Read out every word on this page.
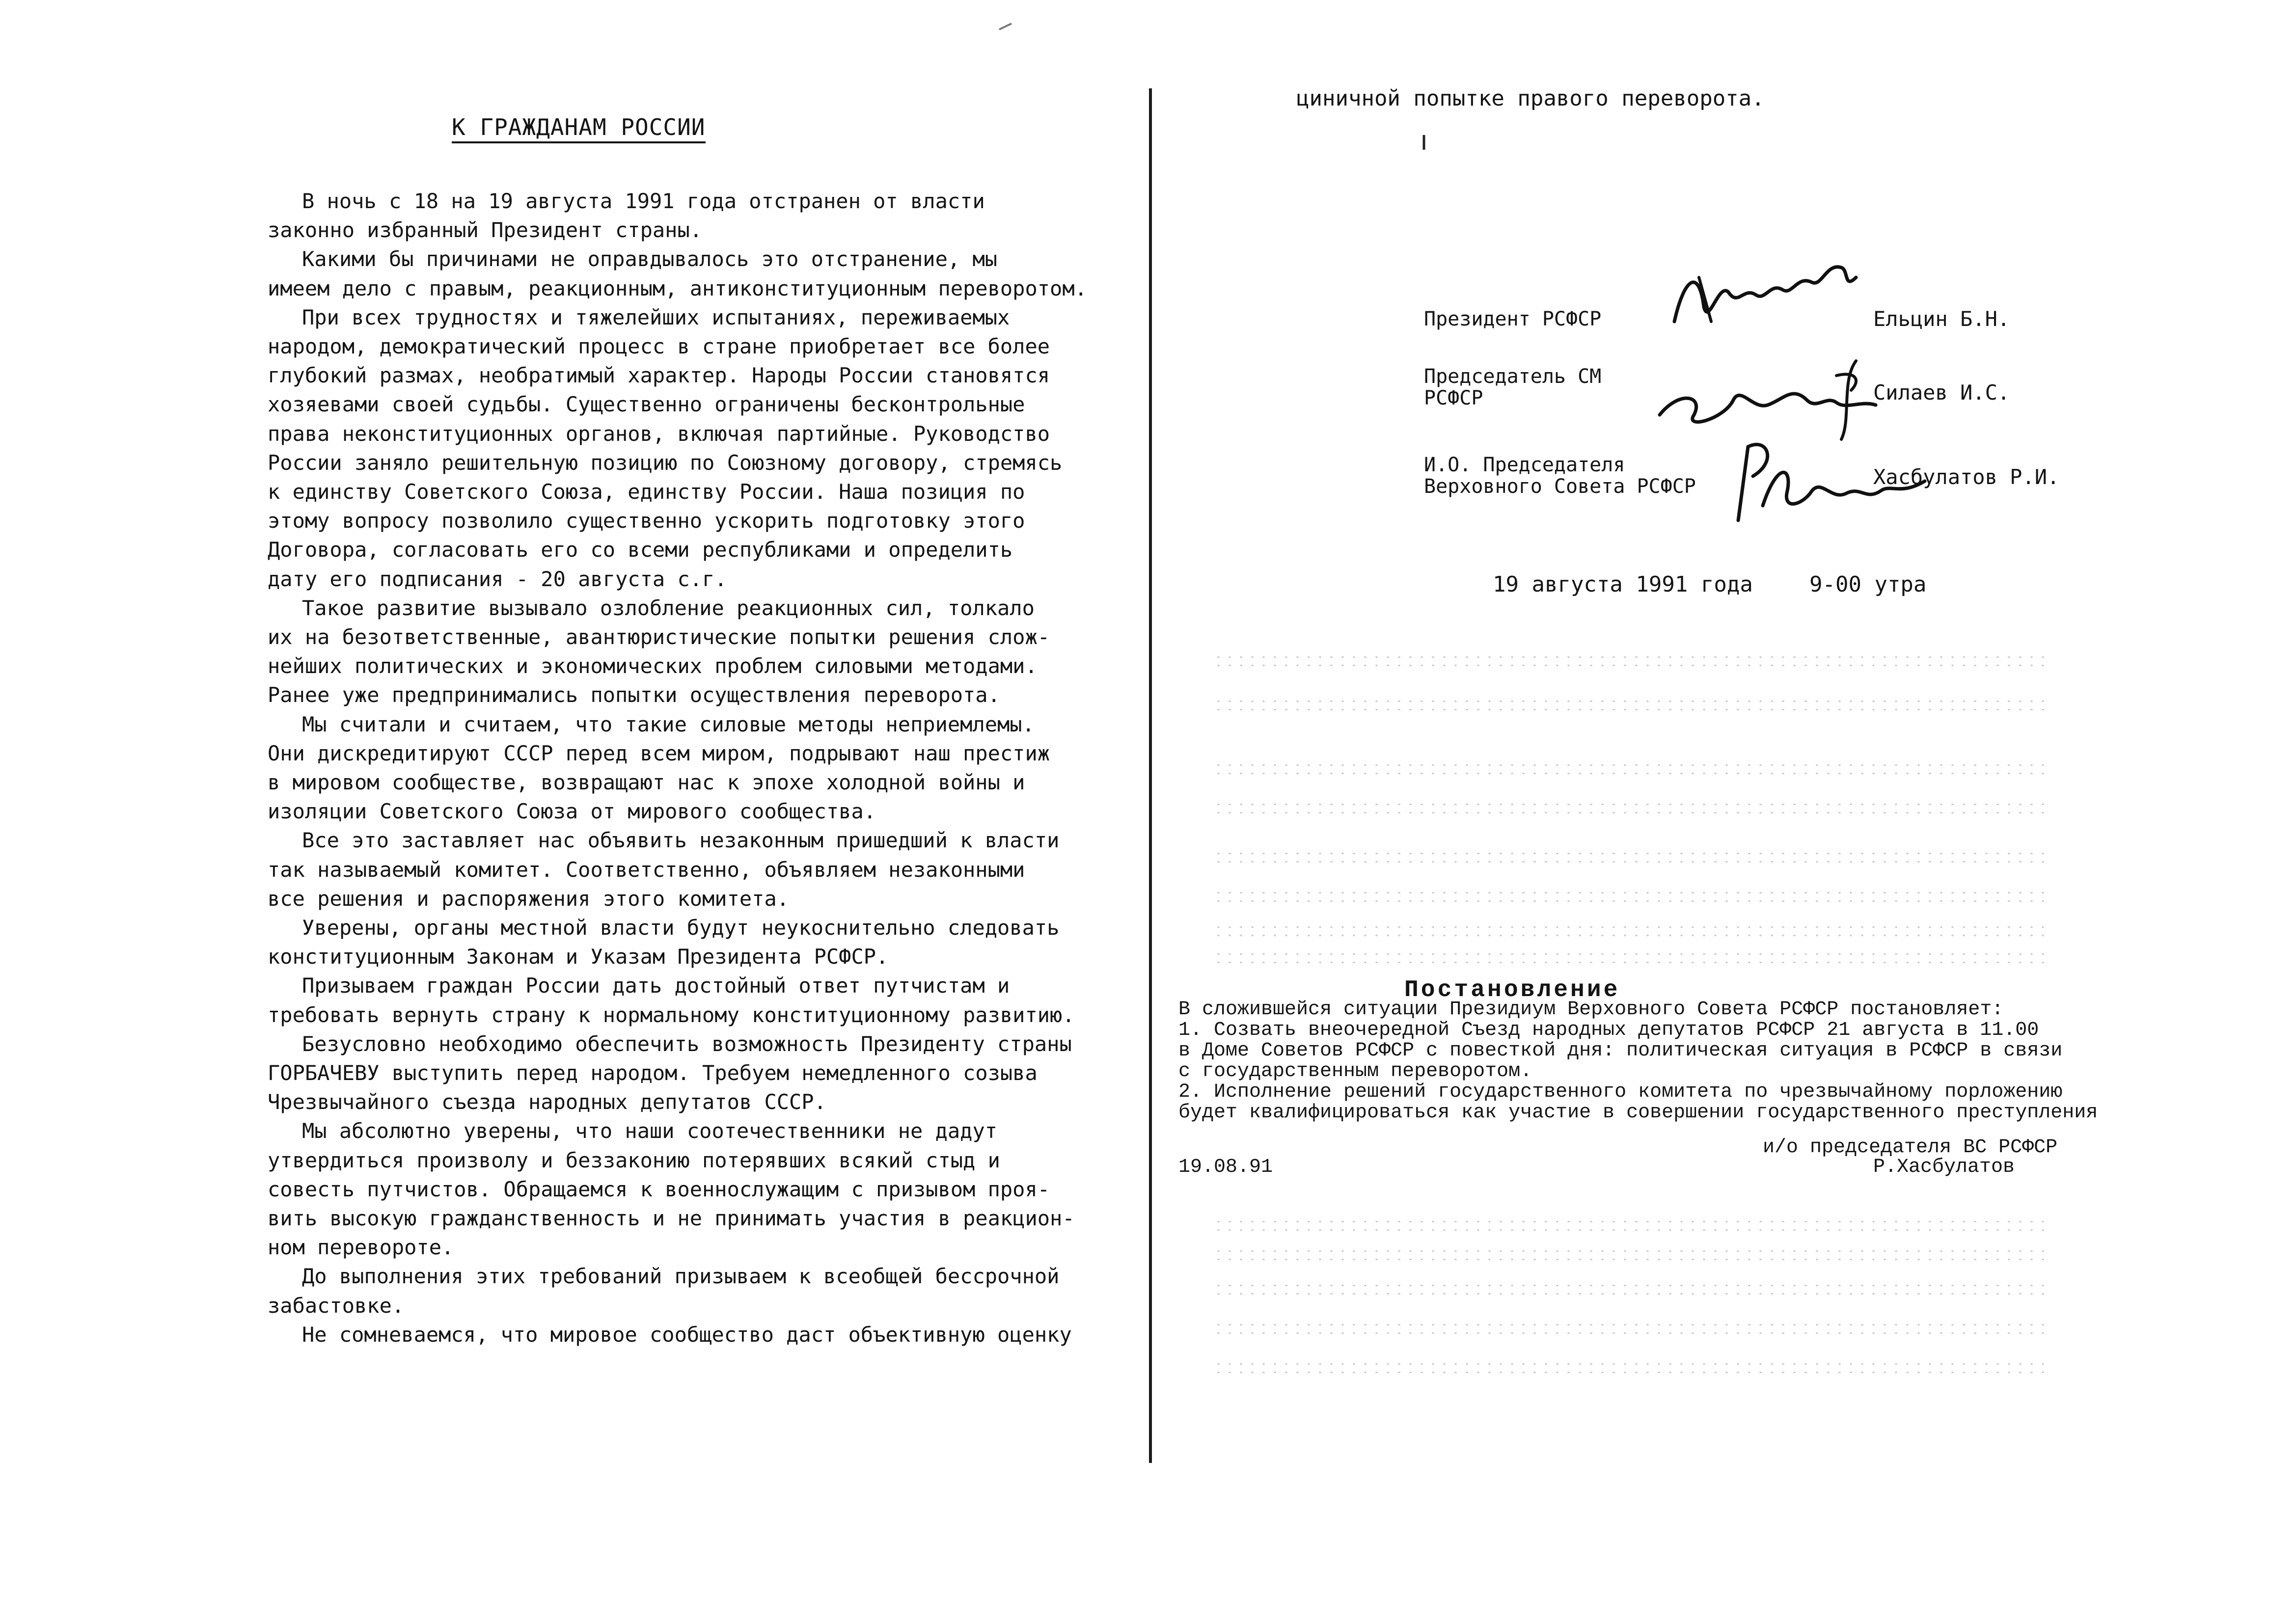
К ГРАЖДАНАМ РОССИИ
В ночь с 18 на 19 августа 1991 года отстранен от власти
законно избранный Президент страны.
Какими бы причинами не оправдывалось это отстранение, мы
имеем дело с правым, реакционным, антиконституционным переворотом.
При всех трудностях и тяжелейших испытаниях, переживаемых
народом, демократический процесс в стране приобретает все более
глубокий размах, необратимый характер. Народы России становятся
хозяевами своей судьбы. Существенно ограничены бесконтрольные
права неконституционных органов, включая партийные. Руководство
России заняло решительную позицию по Союзному договору, стремясь
к единству Советского Союза, единству России. Наша позиция по
этому вопросу позволило существенно ускорить подготовку этого
Договора, согласовать его со всеми республиками и определить
дату его подписания - 20 августа с.г.
Такое развитие вызывало озлобление реакционных сил, толкало
их на безответственные, авантюристические попытки решения слож-
нейших политических и экономических проблем силовыми методами.
Ранее уже предпринимались попытки осуществления переворота.
Мы считали и считаем, что такие силовые методы неприемлемы.
Они дискредитируют СССР перед всем миром, подрывают наш престиж
в мировом сообществе, возвращают нас к эпохе холодной войны и
изоляции Советского Союза от мирового сообщества.
Все это заставляет нас объявить незаконным пришедший к власти
так называемый комитет. Соответственно, объявляем незаконными
все решения и распоряжения этого комитета.
Уверены, органы местной власти будут неукоснительно следовать
конституционным Законам и Указам Президента РСФСР.
Призываем граждан России дать достойный ответ путчистам и
требовать вернуть страну к нормальному конституционному развитию.
Безусловно необходимо обеспечить возможность Президенту страны
ГОРБАЧЕВУ выступить перед народом. Требуем немедленного созыва
Чрезвычайного съезда народных депутатов СССР.
Мы абсолютно уверены, что наши соотечественники не дадут
утвердиться произволу и беззаконию потерявших всякий стыд и
совесть путчистов. Обращаемся к военнослужащим с призывом проя-
вить высокую гражданственность и не принимать участия в реакцион-
ном перевороте.
До выполнения этих требований призываем к всеобщей бессрочной
забастовке.
Не сомневаемся, что мировое сообщество даст объективную оценку
циничной попытке правого переворота.
Президент РСФСР	Ельцин Б.Н.
Председатель СМ
РСФСР	Силаев И.С.
И.О. Председателя
Верховного Совета РСФСР	Хасбулатов Р.И.
19 августа 1991 года	9-00 утра
Постановление
В сложившейся ситуации Президиум Верховного Совета РСФСР постановляет:
1. Созвать внеочередной Съезд народных депутатов РСФСР 21 августа в 11.00
в Доме Советов РСФСР с повесткой дня: политическая ситуация в РСФСР в связи
с государственным переворотом.
2. Исполнение решений государственного комитета по чрезвычайному порложению
будет квалифицироваться как участие в совершении государственного преступления
и/о председателя ВС РСФСР
19.08.91	Р.Хасбулатов
